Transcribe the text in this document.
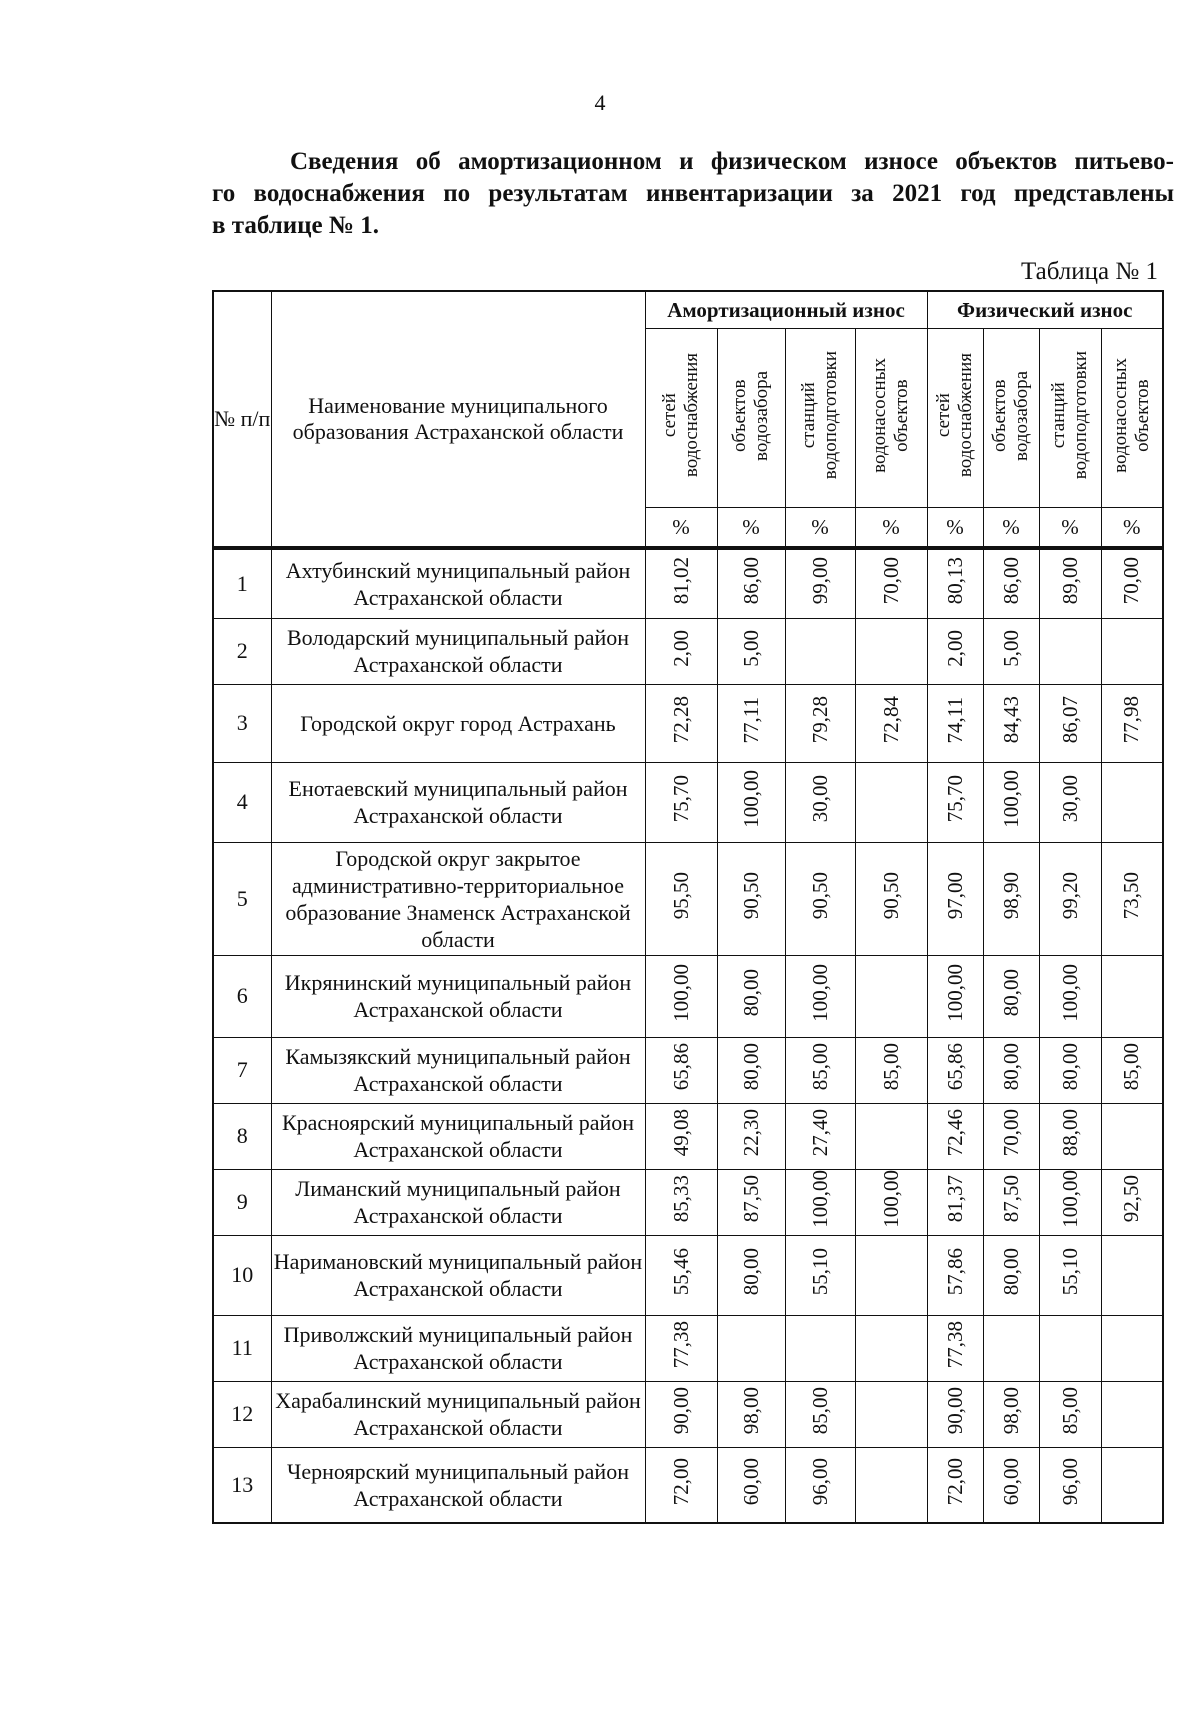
4
Сведения об амортизационном и физическом износе объектов питьево-
го водоснабжения по результатам инвентаризации за 2021 год представлены
в таблице № 1.
Таблица № 1
№ п/п	Наименование муниципального образования Астраханской области	Амортизационный износ				Физический износ			

		сетей водоснабжения	объектов водозабора	станций водоподготовки	водонасосных объектов	сетей водоснабжения	объектов водозабора	станций водоподготовки	водонасосных объектов

		%	%	%	%	%	%	%	%
1	Ахтубинский муниципальный район Астраханской области	81,02	86,00	99,00	70,00	80,13	86,00	89,00	70,00
2	Володарский муниципальный район Астраханской области	2,00	5,00			2,00	5,00		
3	Городской округ город Астрахань	72,28	77,11	79,28	72,84	74,11	84,43	86,07	77,98
4	Енотаевский муниципальный район Астраханской области	75,70	100,00	30,00		75,70	100,00	30,00	
5	Городской округ закрытое административно-территориальное образование Знаменск Астраханской области	95,50	90,50	90,50	90,50	97,00	98,90	99,20	73,50
6	Икрянинский муниципальный район Астраханской области	100,00	80,00	100,00		100,00	80,00	100,00	
7	Камызякский муниципальный район Астраханской области	65,86	80,00	85,00	85,00	65,86	80,00	80,00	85,00
8	Красноярский муниципальный район Астраханской области	49,08	22,30	27,40		72,46	70,00	88,00	
9	Лиманский муниципальный район Астраханской области	85,33	87,50	100,00	100,00	81,37	87,50	100,00	92,50
10	Наримановский муниципальный район Астраханской области	55,46	80,00	55,10		57,86	80,00	55,10	
11	Приволжский муниципальный район Астраханской области	77,38				77,38			
12	Харабалинский муниципальный район Астраханской области	90,00	98,00	85,00		90,00	98,00	85,00	
13	Черноярский муниципальный район Астраханской области	72,00	60,00	96,00		72,00	60,00	96,00	
